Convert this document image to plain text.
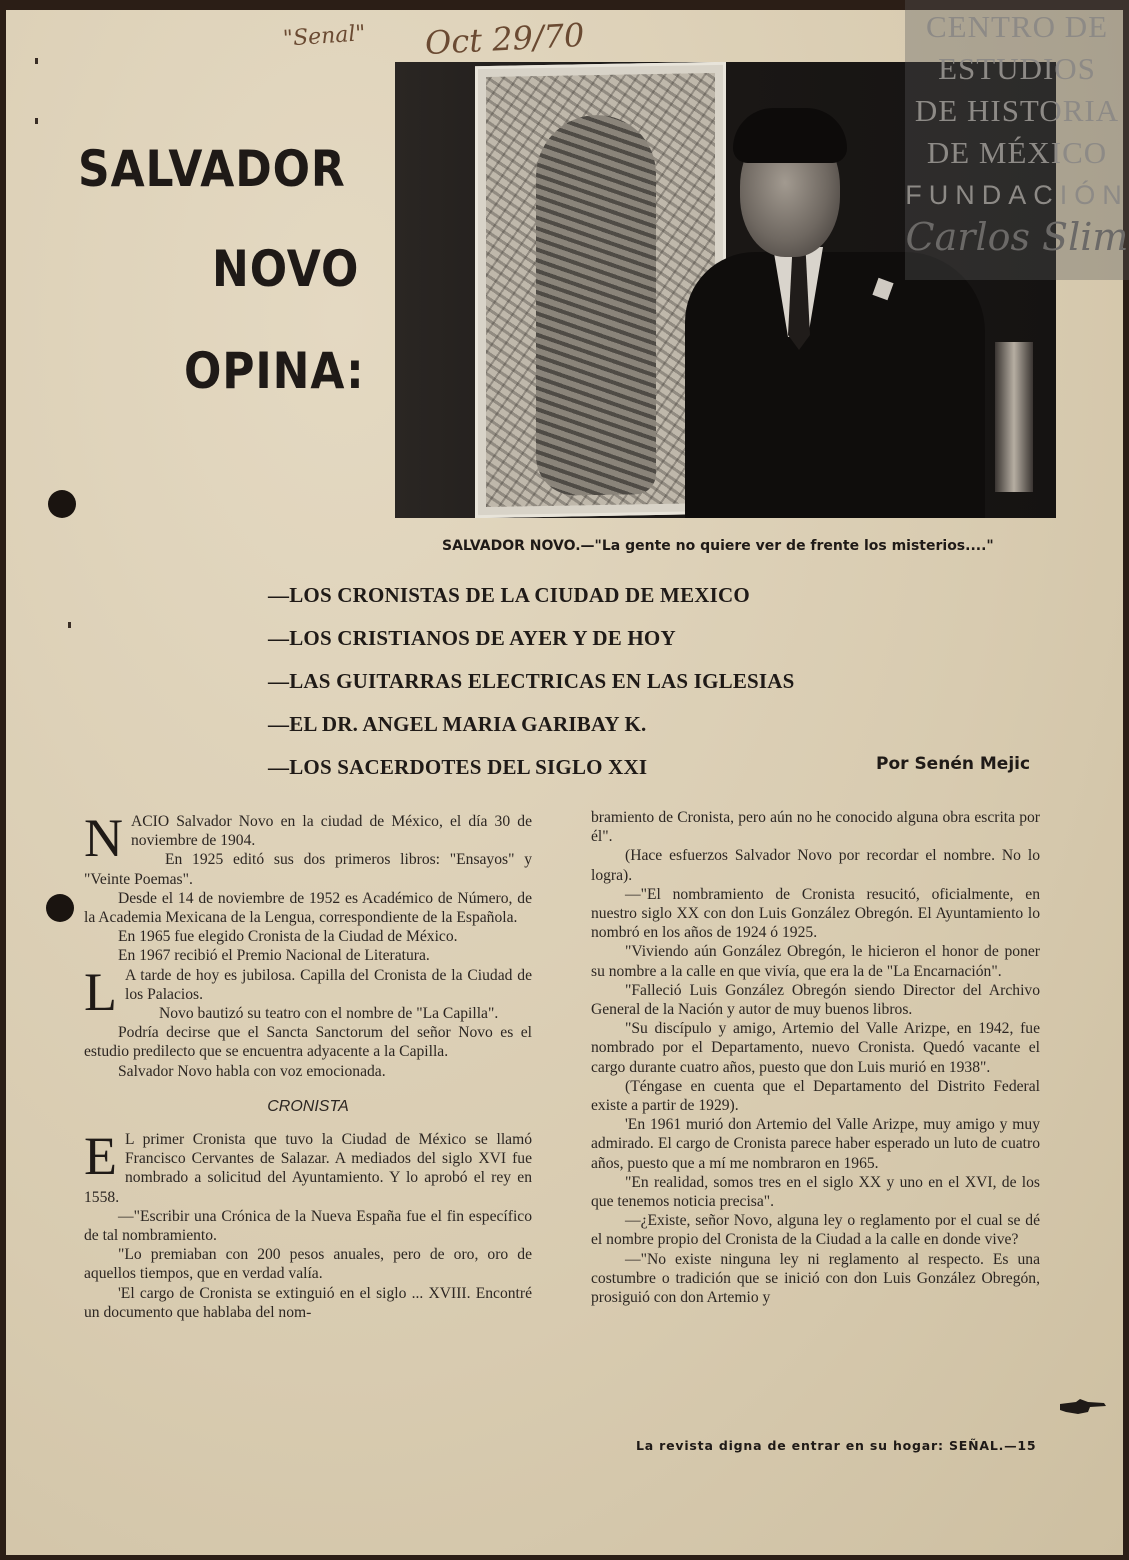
"Senal" Oct 29/70
SALVADOR
NOVO
OPINA:
CENTRO DE
ESTUDIOS
DE HISTORIA
DE MÉXICO
FUNDACIÓN
Carlos Slim
SALVADOR NOVO.—"La gente no quiere ver de frente los misterios...."
—LOS CRONISTAS DE LA CIUDAD DE MEXICO
—LOS CRISTIANOS DE AYER Y DE HOY
—LAS GUITARRAS ELECTRICAS EN LAS IGLESIAS
—EL DR. ANGEL MARIA GARIBAY K.
—LOS SACERDOTES DEL SIGLO XXI	Por Senén Mejic

NACIO Salvador Novo en la ciudad de México, el día 30 de noviembre de 1904.

En 1925 editó sus dos primeros libros: "Ensayos" y "Veinte Poemas".

Desde el 14 de noviembre de 1952 es Académico de Número, de la Academia Mexicana de la Lengua, correspondiente de la Española.

En 1965 fue elegido Cronista de la Ciudad de México.

En 1967 recibió el Premio Nacional de Literatura.

L A tarde de hoy es jubilosa. Capilla del Cronista de la Ciudad de los Palacios.

Novo bautizó su teatro con el nombre de "La Capilla".

Podría decirse que el Sancta Sanctorum del señor Novo es el estudio predilecto que se encuentra adyacente a la Capilla.

Salvador Novo habla con voz emocionada.

CRONISTA

E L primer Cronista que tuvo la Ciudad de México se llamó Francisco Cervantes de Salazar. A mediados del siglo XVI fue nombrado a solicitud del Ayuntamiento. Y lo aprobó el rey en 1558.

—"Escribir una Crónica de la Nueva España fue el fin específico de tal nombramiento.

"Lo premiaban con 200 pesos anuales, pero de oro, oro de aquellos tiempos, que en verdad valía.

'El cargo de Cronista se extinguió en el siglo ... XVIII. Encontré un documento que hablaba del nom-

bramiento de Cronista, pero aún no he conocido alguna obra escrita por él".

(Hace esfuerzos Salvador Novo por recordar el nombre. No lo logra).

—"El nombramiento de Cronista resucitó, oficialmente, en nuestro siglo XX con don Luis González Obregón. El Ayuntamiento lo nombró en los años de 1924 ó 1925.

"Viviendo aún González Obregón, le hicieron el honor de poner su nombre a la calle en que vivía, que era la de "La Encarnación".

"Falleció Luis González Obregón siendo Director del Archivo General de la Nación y autor de muy buenos libros.

"Su discípulo y amigo, Artemio del Valle Arizpe, en 1942, fue nombrado por el Departamento, nuevo Cronista. Quedó vacante el cargo durante cuatro años, puesto que don Luis murió en 1938".

(Téngase en cuenta que el Departamento del Distrito Federal existe a partir de 1929).

'En 1961 murió don Artemio del Valle Arizpe, muy amigo y muy admirado. El cargo de Cronista parece haber esperado un luto de cuatro años, puesto que a mí me nombraron en 1965.

"En realidad, somos tres en el siglo XX y uno en el XVI, de los que tenemos noticia precisa".

—¿Existe, señor Novo, alguna ley o reglamento por el cual se dé el nombre propio del Cronista de la Ciudad a la calle en donde vive?

—"No existe ninguna ley ni reglamento al respecto. Es una costumbre o tradición que se inició con don Luis González Obregón, prosiguió con don Artemio y

La revista digna de entrar en su hogar: SEÑAL.—15
